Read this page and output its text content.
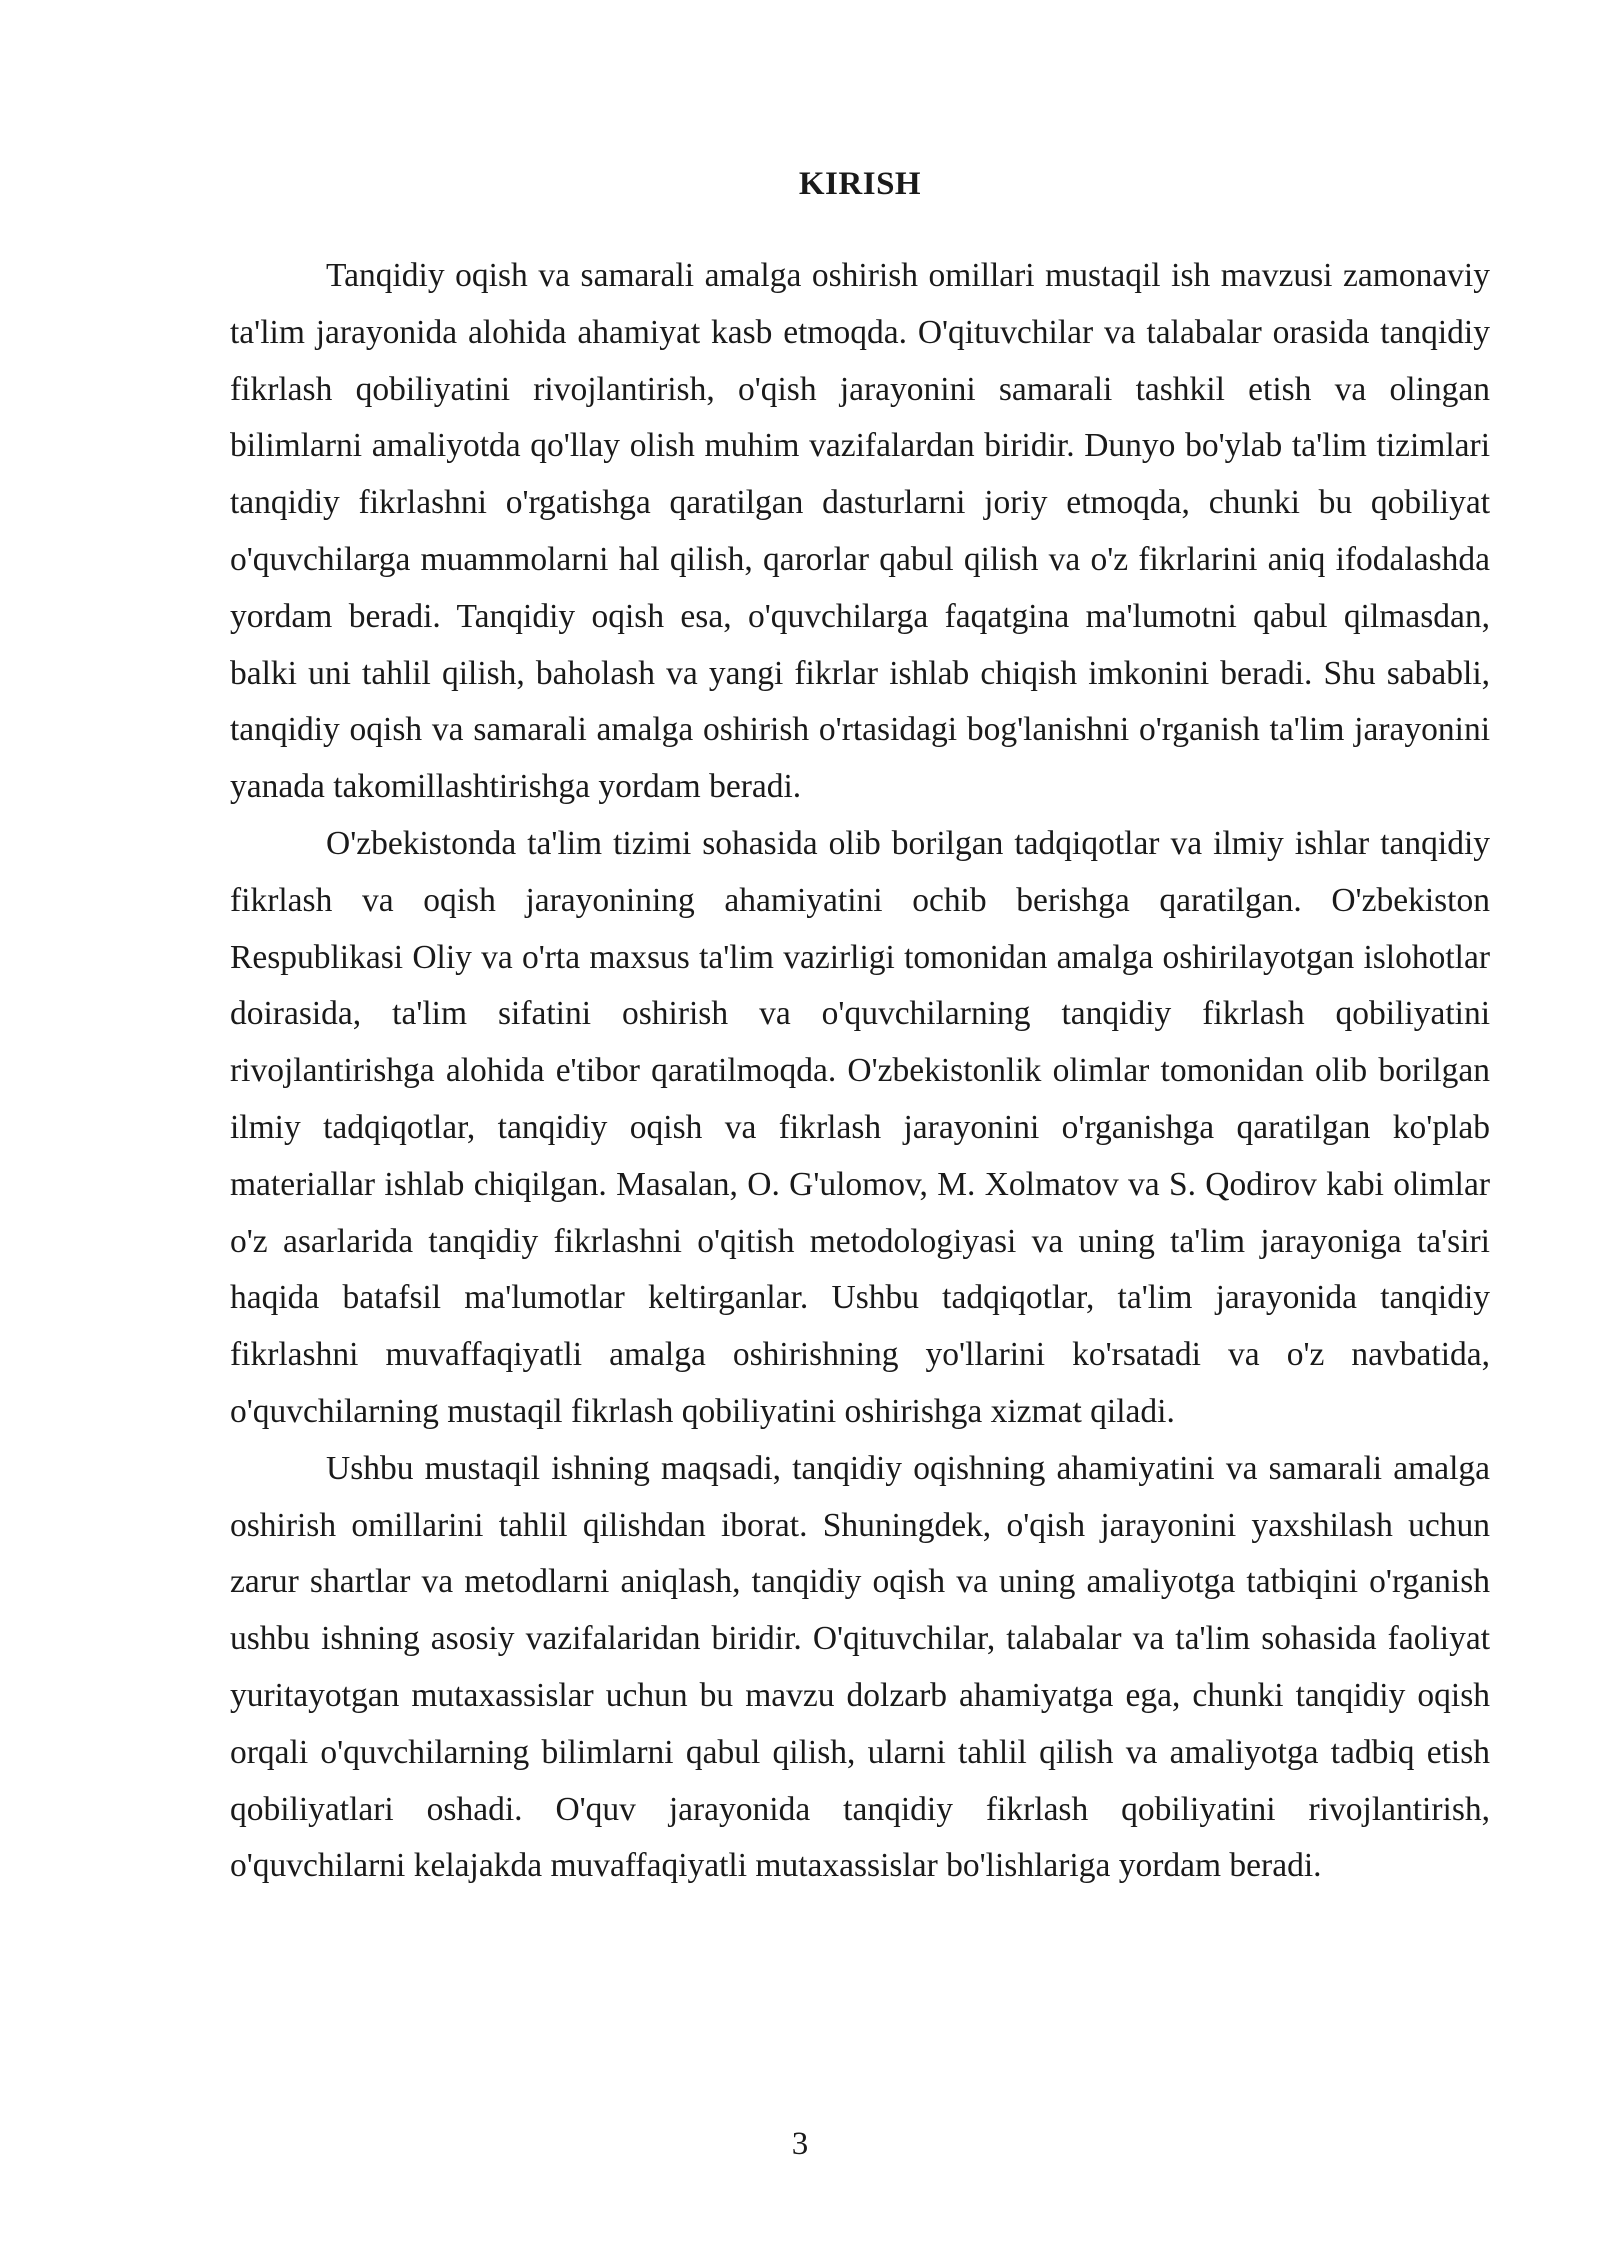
KIRISH

Tanqidiy oqish va samarali amalga oshirish omillari mustaqil ish mavzusi zamonaviy ta'lim jarayonida alohida ahamiyat kasb etmoqda. O'qituvchilar va talabalar orasida tanqidiy fikrlash qobiliyatini rivojlantirish, o'qish jarayonini samarali tashkil etish va olingan bilimlarni amaliyotda qo'llay olish muhim vazifalardan biridir. Dunyo bo'ylab ta'lim tizimlari tanqidiy fikrlashni o'rgatishga qaratilgan dasturlarni joriy etmoqda, chunki bu qobiliyat o'quvchilarga muammolarni hal qilish, qarorlar qabul qilish va o'z fikrlarini aniq ifodalashda yordam beradi. Tanqidiy oqish esa, o'quvchilarga faqatgina ma'lumotni qabul qilmasdan, balki uni tahlil qilish, baholash va yangi fikrlar ishlab chiqish imkonini beradi. Shu sababli, tanqidiy oqish va samarali amalga oshirish o'rtasidagi bog'lanishni o'rganish ta'lim jarayonini yanada takomillashtirishga yordam beradi.

O'zbekistonda ta'lim tizimi sohasida olib borilgan tadqiqotlar va ilmiy ishlar tanqidiy fikrlash va oqish jarayonining ahamiyatini ochib berishga qaratilgan. O'zbekiston Respublikasi Oliy va o'rta maxsus ta'lim vazirligi tomonidan amalga oshirilayotgan islohotlar doirasida, ta'lim sifatini oshirish va o'quvchilarning tanqidiy fikrlash qobiliyatini rivojlantirishga alohida e'tibor qaratilmoqda. O'zbekistonlik olimlar tomonidan olib borilgan ilmiy tadqiqotlar, tanqidiy oqish va fikrlash jarayonini o'rganishga qaratilgan ko'plab materiallar ishlab chiqilgan. Masalan, O. G'ulomov, M. Xolmatov va S. Qodirov kabi olimlar o'z asarlarida tanqidiy fikrlashni o'qitish metodologiyasi va uning ta'lim jarayoniga ta'siri haqida batafsil ma'lumotlar keltirganlar. Ushbu tadqiqotlar, ta'lim jarayonida tanqidiy fikrlashni muvaffaqiyatli amalga oshirishning yo'llarini ko'rsatadi va o'z navbatida, o'quvchilarning mustaqil fikrlash qobiliyatini oshirishga xizmat qiladi.

Ushbu mustaqil ishning maqsadi, tanqidiy oqishning ahamiyatini va samarali amalga oshirish omillarini tahlil qilishdan iborat. Shuningdek, o'qish jarayonini yaxshilash uchun zarur shartlar va metodlarni aniqlash, tanqidiy oqish va uning amaliyotga tatbiqini o'rganish ushbu ishning asosiy vazifalaridan biridir. O'qituvchilar, talabalar va ta'lim sohasida faoliyat yuritayotgan mutaxassislar uchun bu mavzu dolzarb ahamiyatga ega, chunki tanqidiy oqish orqali o'quvchilarning bilimlarni qabul qilish, ularni tahlil qilish va amaliyotga tadbiq etish qobiliyatlari oshadi. O'quv jarayonida tanqidiy fikrlash qobiliyatini rivojlantirish, o'quvchilarni kelajakda muvaffaqiyatli mutaxassislar bo'lishlariga yordam beradi.

3
